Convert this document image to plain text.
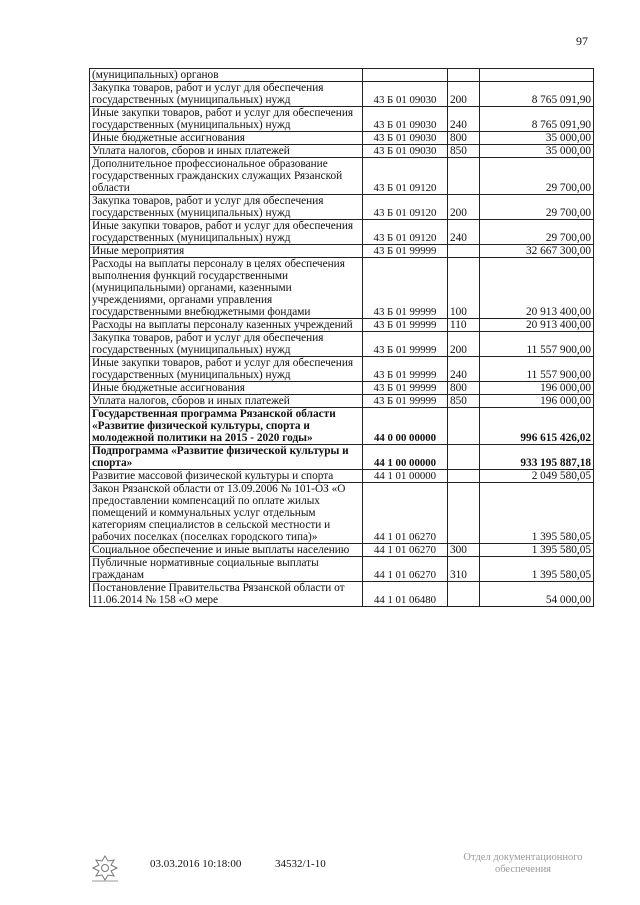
97
(муниципальных) органов			
Закупка товаров, работ и услуг для обеспечения государственных (муниципальных) нужд	43 Б 01 09030	200	8 765 091,90
Иные закупки товаров, работ и услуг для обеспечения государственных (муниципальных) нужд	43 Б 01 09030	240	8 765 091,90
Иные бюджетные ассигнования	43 Б 01 09030	800	35 000,00
Уплата налогов, сборов и иных платежей	43 Б 01 09030	850	35 000,00
Дополнительное профессиональное образование государственных гражданских служащих Рязанской области	43 Б 01 09120		29 700,00
Закупка товаров, работ и услуг для обеспечения государственных (муниципальных) нужд	43 Б 01 09120	200	29 700,00
Иные закупки товаров, работ и услуг для обеспечения государственных (муниципальных) нужд	43 Б 01 09120	240	29 700,00
Иные мероприятия	43 Б 01 99999		32 667 300,00
Расходы на выплаты персоналу в целях обеспечения выполнения функций государственными (муниципальными) органами, казенными учреждениями, органами управления государственными внебюджетными фондами	43 Б 01 99999	100	20 913 400,00
Расходы на выплаты персоналу казенных учреждений	43 Б 01 99999	110	20 913 400,00
Закупка товаров, работ и услуг для обеспечения государственных (муниципальных) нужд	43 Б 01 99999	200	11 557 900,00
Иные закупки товаров, работ и услуг для обеспечения государственных (муниципальных) нужд	43 Б 01 99999	240	11 557 900,00
Иные бюджетные ассигнования	43 Б 01 99999	800	196 000,00
Уплата налогов, сборов и иных платежей	43 Б 01 99999	850	196 000,00
Государственная программа Рязанской области «Развитие физической культуры, спорта и молодежной политики на 2015 - 2020 годы»	44 0 00 00000		996 615 426,02
Подпрограмма «Развитие физической культуры и спорта»	44 1 00 00000		933 195 887,18
Развитие массовой физической культуры и спорта	44 1 01 00000		2 049 580,05
Закон Рязанской области от 13.09.2006 № 101-ОЗ «О предоставлении компенсаций по оплате жилых помещений и коммунальных услуг отдельным категориям специалистов в сельской местности и рабочих поселках (поселках городского типа)»	44 1 01 06270		1 395 580,05
Социальное обеспечение и иные выплаты населению	44 1 01 06270	300	1 395 580,05
Публичные нормативные социальные выплаты гражданам	44 1 01 06270	310	1 395 580,05
Постановление Правительства Рязанской области от 11.06.2014 № 158 «О мере	44 1 01 06480		54 000,00
03.03.2016 10:18:00	34532/1-10
Отдел документационного обеспечения
